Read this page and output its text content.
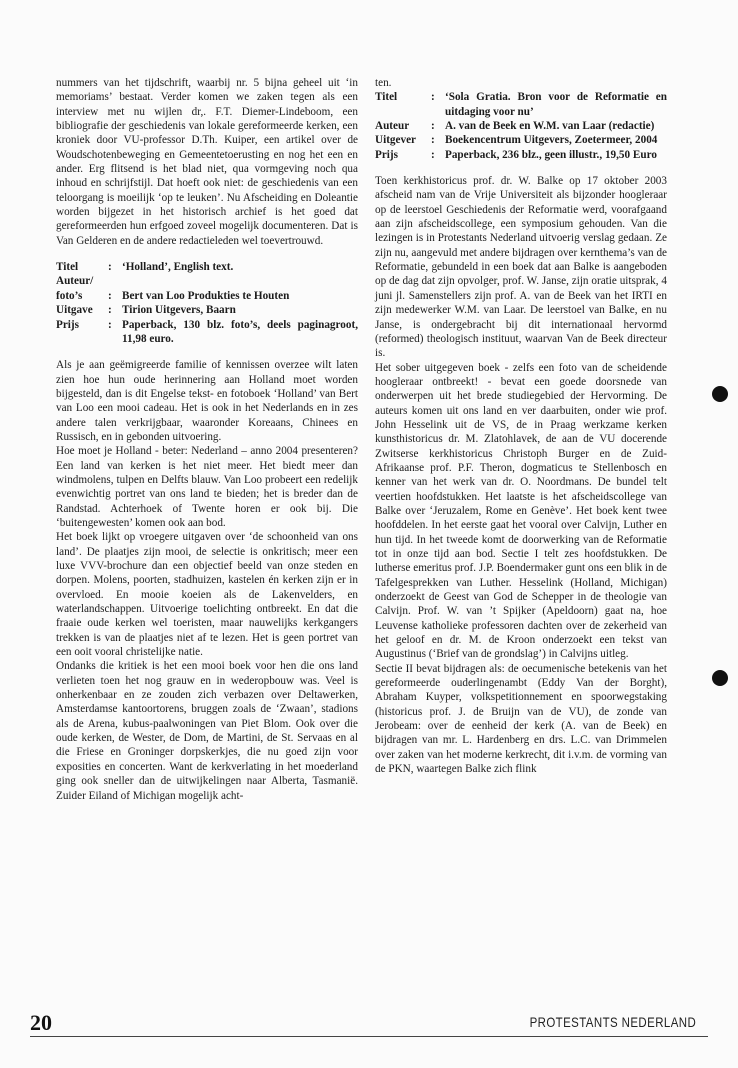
nummers van het tijdschrift, waarbij nr. 5 bijna geheel uit ‘in memoriams’ bestaat. Verder komen we zaken tegen als een interview met nu wijlen dr,. F.T. Diemer-Lindeboom, een bibliografie der geschiedenis van lokale gereformeerde kerken, een kroniek door VU-professor D.Th. Kuiper, een artikel over de Woudschotenbeweging en Gemeentetoerusting en nog het een en ander. Erg flitsend is het blad niet, qua vormgeving noch qua inhoud en schrijfstijl. Dat hoeft ook niet: de geschiedenis van een teloorgang is moeilijk ‘op te leuken’. Nu Afscheiding en Doleantie worden bijgezet in het historisch archief is het goed dat gereformeerden hun erfgoed zoveel mogelijk documenteren. Dat is Van Gelderen en de andere redactieleden wel toevertrouwd.

Titel	:	‘Holland’, English text.
Auteur/		
foto’s	:	Bert van Loo Produkties te Houten
Uitgave	:	Tirion Uitgevers, Baarn
Prijs	:	Paperback, 130 blz. foto’s, deels paginagroot, 11,98 euro.

Als je aan geëmigreerde familie of kennissen overzee wilt laten zien hoe hun oude herinnering aan Holland moet worden bijgesteld, dan is dit Engelse tekst- en fotoboek ‘Holland’ van Bert van Loo een mooi cadeau. Het is ook in het Nederlands en in zes andere talen verkrijgbaar, waaronder Koreaans, Chinees en Russisch, en in gebonden uitvoering.

Hoe moet je Holland - beter: Nederland – anno 2004 presenteren? Een land van kerken is het niet meer. Het biedt meer dan windmolens, tulpen en Delfts blauw. Van Loo probeert een redelijk evenwichtig portret van ons land te bieden; het is breder dan de Randstad. Achterhoek of Twente horen er ook bij. Die ‘buitengewesten’ komen ook aan bod.

Het boek lijkt op vroegere uitgaven over ‘de schoonheid van ons land’. De plaatjes zijn mooi, de selectie is onkritisch; meer een luxe VVV-brochure dan een objectief beeld van onze steden en dorpen. Molens, poorten, stadhuizen, kastelen én kerken zijn er in overvloed. En mooie koeien als de Lakenvelders, en waterlandschappen. Uitvoerige toelichting ontbreekt. En dat die fraaie oude kerken wel toeristen, maar nauwelijks kerkgangers trekken is van de plaatjes niet af te lezen. Het is geen portret van een ooit vooral christelijke natie.

Ondanks die kritiek is het een mooi boek voor hen die ons land verlieten toen het nog grauw en in wederopbouw was. Veel is onherkenbaar en ze zouden zich verbazen over Deltawerken, Amsterdamse kantoortorens, bruggen zoals de ‘Zwaan’, stadions als de Arena, kubus-paalwoningen van Piet Blom. Ook over die oude kerken, de Wester, de Dom, de Martini, de St. Servaas en al die Friese en Groninger dorpskerkjes, die nu goed zijn voor exposities en concerten. Want de kerkverlating in het moederland ging ook sneller dan de uitwijkelingen naar Alberta, Tasmanië. Zuider Eiland of Michigan mogelijk acht-

ten.

Titel	:	‘Sola Gratia. Bron voor de Reformatie en uitdaging voor nu’
Auteur	:	A. van de Beek en W.M. van Laar (redactie)
Uitgever	:	Boekencentrum Uitgevers, Zoetermeer, 2004
Prijs	:	Paperback, 236 blz., geen illustr., 19,50 Euro

Toen kerkhistoricus prof. dr. W. Balke op 17 oktober 2003 afscheid nam van de Vrije Universiteit als bijzonder hoogleraar op de leerstoel Geschiedenis der Reformatie werd, voorafgaand aan zijn afscheidscollege, een symposium gehouden. Van die lezingen is in Protestants Nederland uitvoerig verslag gedaan. Ze zijn nu, aangevuld met andere bijdragen over kernthema’s van de Reformatie, gebundeld in een boek dat aan Balke is aangeboden op de dag dat zijn opvolger, prof. W. Janse, zijn oratie uitsprak, 4 juni jl. Samenstellers zijn prof. A. van de Beek van het IRTI en zijn medewerker W.M. van Laar. De leerstoel van Balke, en nu Janse, is ondergebracht bij dit internationaal hervormd (reformed) theologisch instituut, waarvan Van de Beek directeur is.

Het sober uitgegeven boek - zelfs een foto van de scheidende hoogleraar ontbreekt! - bevat een goede doorsnede van onderwerpen uit het brede studiegebied der Hervorming. De auteurs komen uit ons land en ver daarbuiten, onder wie prof. John Hesselink uit de VS, de in Praag werkzame kerken kunsthistoricus dr. M. Zlatohlavek, de aan de VU docerende Zwitserse kerkhistoricus Christoph Burger en de Zuid-Afrikaanse prof. P.F. Theron, dogmaticus te Stellenbosch en kenner van het werk van dr. O. Noordmans. De bundel telt veertien hoofdstukken. Het laatste is het afscheidscollege van Balke over ‘Jeruzalem, Rome en Genève’. Het boek kent twee hoofddelen. In het eerste gaat het vooral over Calvijn, Luther en hun tijd. In het tweede komt de doorwerking van de Reformatie tot in onze tijd aan bod. Sectie I telt zes hoofdstukken. De lutherse emeritus prof. J.P. Boendermaker gunt ons een blik in de Tafelgesprekken van Luther. Hesselink (Holland, Michigan) onderzoekt de Geest van God de Schepper in de theologie van Calvijn. Prof. W. van ’t Spijker (Apeldoorn) gaat na, hoe Leuvense katholieke professoren dachten over de zekerheid van het geloof en dr. M. de Kroon onderzoekt een tekst van Augustinus (‘Brief van de grondslag’) in Calvijns uitleg.

Sectie II bevat bijdragen als: de oecumenische betekenis van het gereformeerde ouderlingenambt (Eddy Van der Borght), Abraham Kuyper, volkspetitionnement en spoorwegstaking (historicus prof. J. de Bruijn van de VU), de zonde van Jerobeam: over de eenheid der kerk (A. van de Beek) en bijdragen van mr. L. Hardenberg en drs. L.C. van Drimmelen over zaken van het moderne kerkrecht, dit i.v.m. de vorming van de PKN, waartegen Balke zich flink

20	PROTESTANTS NEDERLAND
